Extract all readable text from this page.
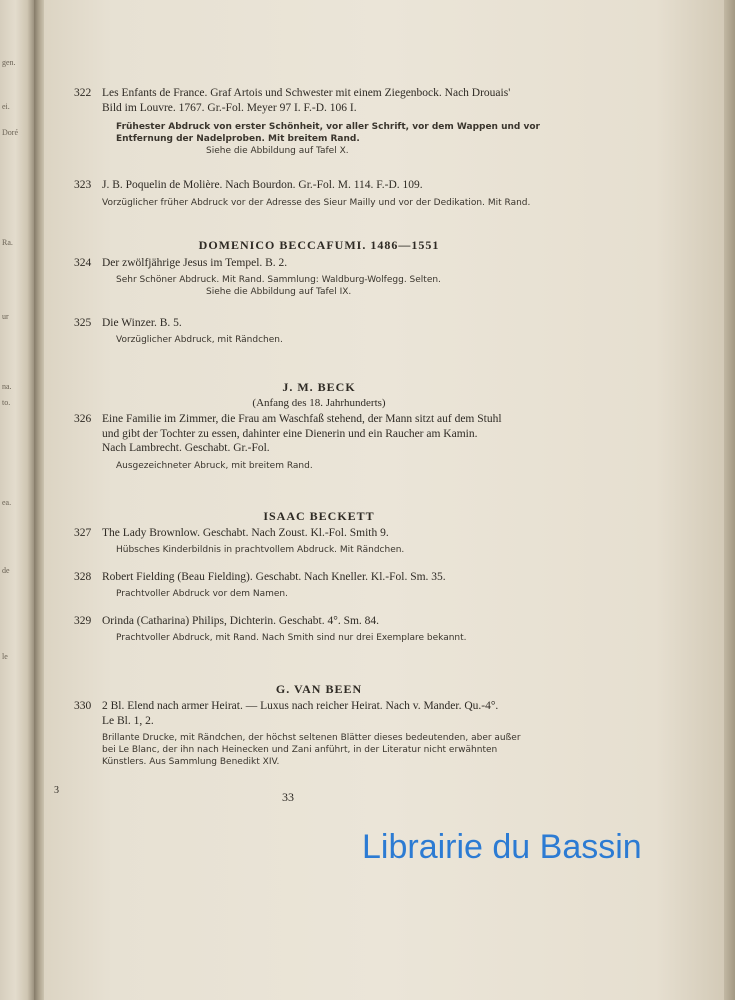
gen.
ei.
Doré
Ra.
ur
na.
to.
ea.
de
le
322 Les Enfants de France. Graf Artois und Schwester mit einem Ziegenbock. Nach Drouais'
Bild im Louvre. 1767. Gr.-Fol. Meyer 97 I. F.-D. 106 I.
Frühester Abdruck von erster Schönheit, vor aller Schrift, vor dem Wappen und vor
Entfernung der Nadelproben. Mit breitem Rand.
Siehe die Abbildung auf Tafel X.
323 J. B. Poquelin de Molière. Nach Bourdon. Gr.-Fol. M. 114. F.-D. 109.
Vorzüglicher früher Abdruck vor der Adresse des Sieur Mailly und vor der Dedikation. Mit Rand.
DOMENICO BECCAFUMI. 1486—1551
324 Der zwölfjährige Jesus im Tempel. B. 2.
Sehr Schöner Abdruck. Mit Rand. Sammlung: Waldburg-Wolfegg. Selten.
Siehe die Abbildung auf Tafel IX.
325 Die Winzer. B. 5.
Vorzüglicher Abdruck, mit Rändchen.
J. M. BECK
(Anfang des 18. Jahrhunderts)
326 Eine Familie im Zimmer, die Frau am Waschfaß stehend, der Mann sitzt auf dem Stuhl
und gibt der Tochter zu essen, dahinter eine Dienerin und ein Raucher am Kamin.
Nach Lambrecht. Geschabt. Gr.-Fol.
Ausgezeichneter Abruck, mit breitem Rand.
ISAAC BECKETT
327 The Lady Brownlow. Geschabt. Nach Zoust. Kl.-Fol. Smith 9.
Hübsches Kinderbildnis in prachtvollem Abdruck. Mit Rändchen.
328 Robert Fielding (Beau Fielding). Geschabt. Nach Kneller. Kl.-Fol. Sm. 35.
Prachtvoller Abdruck vor dem Namen.
329 Orinda (Catharina) Philips, Dichterin. Geschabt. 4°. Sm. 84.
Prachtvoller Abdruck, mit Rand. Nach Smith sind nur drei Exemplare bekannt.
G. VAN BEEN
330 2 Bl. Elend nach armer Heirat. — Luxus nach reicher Heirat. Nach v. Mander. Qu.-4°.
Le Bl. 1, 2.
Brillante Drucke, mit Rändchen, der höchst seltenen Blätter dieses bedeutenden, aber außer
bei Le Blanc, der ihn nach Heinecken und Zani anführt, in der Literatur nicht erwähnten
Künstlers. Aus Sammlung Benedikt XIV.
3	33
Librairie du Bassin
